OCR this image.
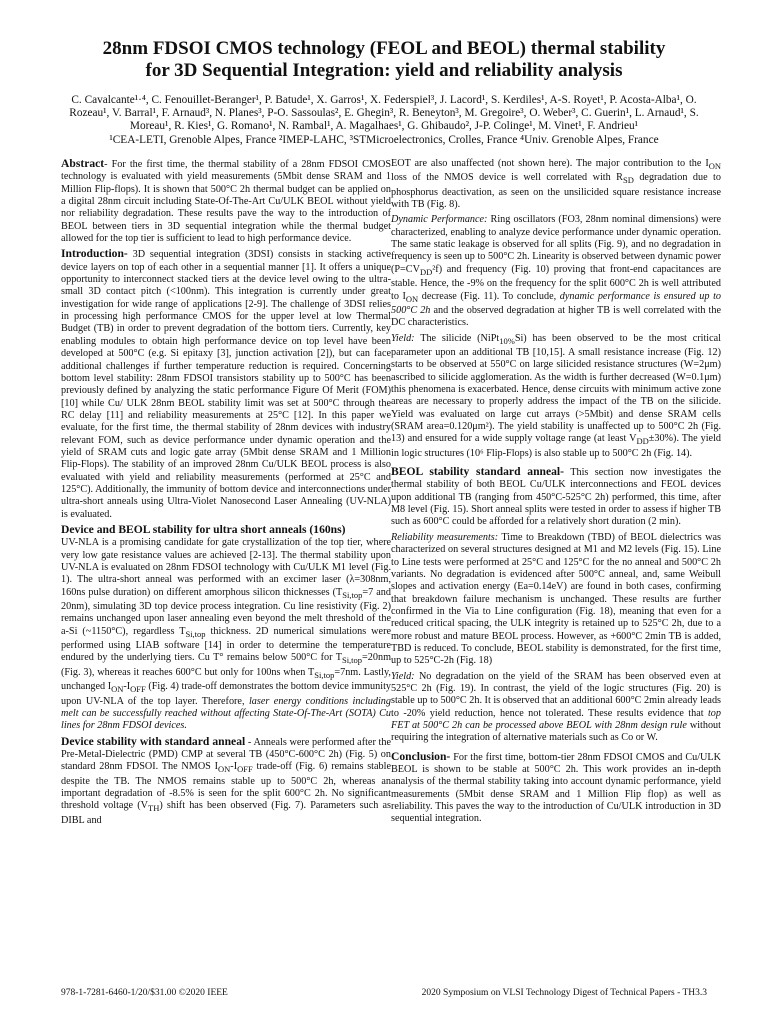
28nm FDSOI CMOS technology (FEOL and BEOL) thermal stability
for 3D Sequential Integration: yield and reliability analysis
C. Cavalcante¹·⁴, C. Fenouillet-Beranger¹, P. Batude¹, X. Garros¹, X. Federspiel³, J. Lacord¹, S. Kerdiles¹, A-S. Royet¹, P. Acosta-Alba¹, O. Rozeau¹, V. Barral¹, F. Arnaud³, N. Planes³, P-O. Sassoulas², E. Ghegin³, R. Beneyton³, M. Gregoire³, O. Weber³, C. Guerin¹, L. Arnaud¹, S. Moreau¹, R. Kies¹, G. Romano¹, N. Rambal¹, A. Magalhaes¹, G. Ghibaudo², J-P. Colinge¹, M. Vinet¹, F. Andrieu¹
¹CEA-LETI, Grenoble Alpes, France ²IMEP-LAHC, ³STMicroelectronics, Crolles, France ⁴Univ. Grenoble Alpes, France

Abstract- For the first time, the thermal stability of a 28nm FDSOI CMOS technology is evaluated with yield measurements (5Mbit dense SRAM and 1 Million Flip-flops). It is shown that 500°C 2h thermal budget can be applied on a digital 28nm circuit including State-Of-The-Art Cu/ULK BEOL without yield nor reliability degradation. These results pave the way to the introduction of BEOL between tiers in 3D sequential integration while the thermal budget allowed for the top tier is sufficient to lead to high performance device.

Introduction- 3D sequential integration (3DSI) consists in stacking active device layers on top of each other in a sequential manner [1]. It offers a unique opportunity to interconnect stacked tiers at the device level owing to the ultra-small 3D contact pitch (<100nm). This integration is currently under great investigation for wide range of applications [2-9]. The challenge of 3DSI relies in processing high performance CMOS for the upper level at low Thermal Budget (TB) in order to prevent degradation of the bottom tiers. Currently, key enabling modules to obtain high performance device on top level have been developed at 500°C (e.g. Si epitaxy [3], junction activation [2]), but can face additional challenges if further temperature reduction is required. Concerning bottom level stability: 28nm FDSOI transistors stability up to 500°C has been previously defined by analyzing the static performance Figure Of Merit (FOM) [10] while Cu/ ULK 28nm BEOL stability limit was set at 500°C through the RC delay [11] and reliability measurements at 25°C [12]. In this paper we evaluate, for the first time, the thermal stability of 28nm devices with industry relevant FOM, such as device performance under dynamic operation and the yield of SRAM cuts and logic gate array (5Mbit dense SRAM and 1 Million Flip-Flops). The stability of an improved 28nm Cu/ULK BEOL process is also evaluated with yield and reliability measurements (performed at 25°C and 125°C). Additionally, the immunity of bottom device and interconnections under ultra-short anneals using Ultra-Violet Nanosecond Laser Annealing (UV-NLA) is evaluated.

Device and BEOL stability for ultra short anneals (160ns)

UV-NLA is a promising candidate for gate crystallization of the top tier, where very low gate resistance values are achieved [2-13]. The thermal stability upon UV-NLA is evaluated on 28nm FDSOI technology with Cu/ULK M1 level (Fig. 1). The ultra-short anneal was performed with an excimer laser (λ=308nm, 160ns pulse duration) on different amorphous silicon thicknesses ($T_{Si,top}=7$ and 20nm), simulating 3D top device process integration. Cu line resistivity (Fig. 2) remains unchanged upon laser annealing even beyond the melt threshold of the a-Si (~1150°C), regardless $T_{Si,top}$ thickness. 2D numerical simulations were performed using LIAB software [14] in order to determine the temperature endured by the underlying tiers. Cu T° remains below 500°C for $T_{Si,top}=20nm$ (Fig. 3), whereas it reaches 600°C but only for 100ns when $T_{Si,top}=7nm$. Lastly, unchanged $I_{ON}-I_{OFF}$ (Fig. 4) trade-off demonstrates the bottom device immunity upon UV-NLA of the top layer. Therefore, laser energy conditions including melt can be successfully reached without affecting State-Of-The-Art (SOTA) Cu lines for 28nm FDSOI devices.

Device stability with standard anneal - Anneals were performed after the Pre-Metal-Dielectric (PMD) CMP at several TB (450°C-600°C 2h) (Fig. 5) on standard 28nm FDSOI. The NMOS $I_{ON}-I_{OFF}$ trade-off (Fig. 6) remains stable despite the TB. The NMOS remains stable up to 500°C 2h, whereas an important degradation of -8.5% is seen for the split 600°C 2h. No significant threshold voltage $(V_{TH})$ shift has been observed (Fig. 7). Parameters such as DIBL and

EOT are also unaffected (not shown here). The major contribution to the $I_{ON}$ loss of the NMOS device is well correlated with $R_{SD}$ degradation due to phosphorus deactivation, as seen on the unsilicided square resistance increase with TB (Fig. 8).

Dynamic Performance: Ring oscillators (FO3, 28nm nominal dimensions) were characterized, enabling to analyze device performance under dynamic operation. The same static leakage is observed for all splits (Fig. 9), and no degradation in frequency is seen up to 500°C 2h. Linearity is observed between dynamic power $(P=CV_{DD}^2f)$ and frequency (Fig. 10) proving that front-end capacitances are stable. Hence, the -9% on the frequency for the split 600°C 2h is well attributed to $I_{ON}$ decrease (Fig. 11). To conclude, dynamic performance is ensured up to 500°C 2h and the observed degradation at higher TB is well correlated with the DC characteristics.

Yield: The silicide (NiPt$_{10\%}$Si) has been observed to be the most critical parameter upon an additional TB [10,15]. A small resistance increase (Fig. 12) starts to be observed at 550°C on large silicided resistance structures (W=2μm) ascribed to silicide agglomeration. As the width is further decreased (W=0.1μm) this phenomena is exacerbated. Hence, dense circuits with minimum active zone areas are necessary to properly address the impact of the TB on the silicide. Yield was evaluated on large cut arrays (>5Mbit) and dense SRAM cells (SRAM area=0.120μm²). The yield stability is unaffected up to 500°C 2h (Fig. 13) and ensured for a wide supply voltage range (at least $V_{DD}\pm 30\%$). The yield in logic structures (10⁶ Flip-Flops) is also stable up to 500°C 2h (Fig. 14).

BEOL stability standard anneal- This section now investigates the thermal stability of both BEOL Cu/ULK interconnections and FEOL devices upon additional TB (ranging from 450°C-525°C 2h) performed, this time, after M8 level (Fig. 15). Short anneal splits were tested in order to assess if higher TB such as 600°C could be afforded for a relatively short duration (2 min).

Reliability measurements: Time to Breakdown (TBD) of BEOL dielectrics was characterized on several structures designed at M1 and M2 levels (Fig. 15). Line to Line tests were performed at 25°C and 125°C for the no anneal and 500°C 2h variants. No degradation is evidenced after 500°C anneal, and, same Weibull slopes and activation energy (Ea=0.14eV) are found in both cases, confirming that breakdown failure mechanism is unchanged. These results are further confirmed in the Via to Line configuration (Fig. 18), meaning that even for a reduced critical spacing, the ULK integrity is retained up to 525°C 2h, due to a more robust and mature BEOL process. However, as +600°C 2min TB is added, TBD is reduced. To conclude, BEOL stability is demonstrated, for the first time, up to 525°C-2h (Fig. 18)

Yield: No degradation on the yield of the SRAM has been observed even at 525°C 2h (Fig. 19). In contrast, the yield of the logic structures (Fig. 20) is stable up to 500°C 2h. It is observed that an additional 600°C 2min already leads to -20% yield reduction, hence not tolerated. These results evidence that top FET at 500°C 2h can be processed above BEOL with 28nm design rule without requiring the integration of alternative materials such as Co or W.

Conclusion- For the first time, bottom-tier 28nm FDSOI CMOS and Cu/ULK BEOL is shown to be stable at 500°C 2h. This work provides an in-depth analysis of the thermal stability taking into account dynamic performance, yield measurements (5Mbit dense SRAM and 1 Million Flip flop) as well as reliability. This paves the way to the introduction of Cu/ULK introduction in 3D sequential integration.

978-1-7281-6460-1/20/$31.00 ©2020 IEEE	2020 Symposium on VLSI Technology Digest of Technical Papers - TH3.3
